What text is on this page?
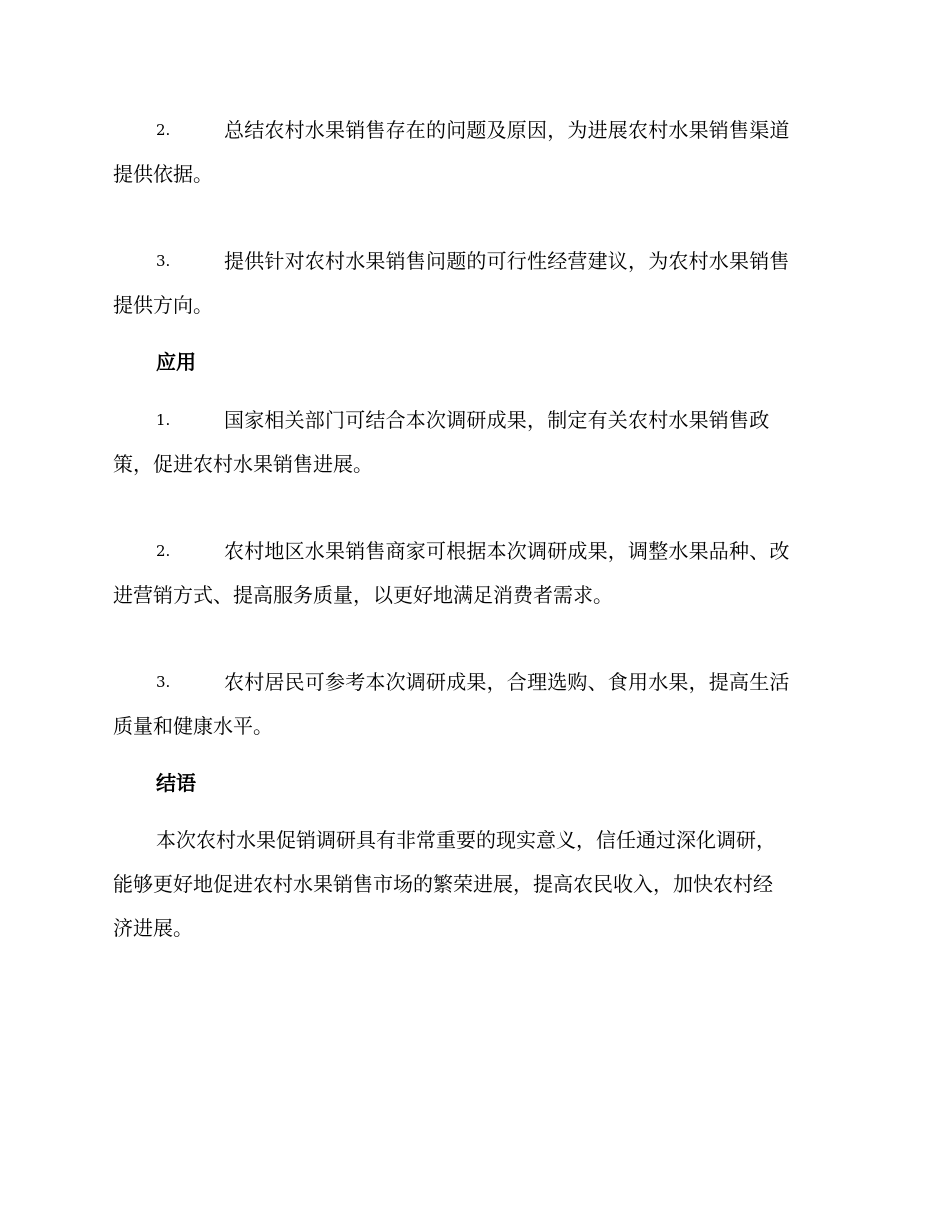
2.	总结农村水果销售存在的问题及原因，为进展农村水果销售渠道
提供依据。
3.	提供针对农村水果销售问题的可行性经营建议，为农村水果销售
提供方向。
应用
1.	国家相关部门可结合本次调研成果，制定有关农村水果销售政
策，促进农村水果销售进展。
2.	农村地区水果销售商家可根据本次调研成果，调整水果品种、改
进营销方式、提高服务质量，以更好地满足消费者需求。
3.	农村居民可参考本次调研成果，合理选购、食用水果，提高生活
质量和健康水平。
结语
本次农村水果促销调研具有非常重要的现实意义，信任通过深化调研，
能够更好地促进农村水果销售市场的繁荣进展，提高农民收入，加快农村经
济进展。
